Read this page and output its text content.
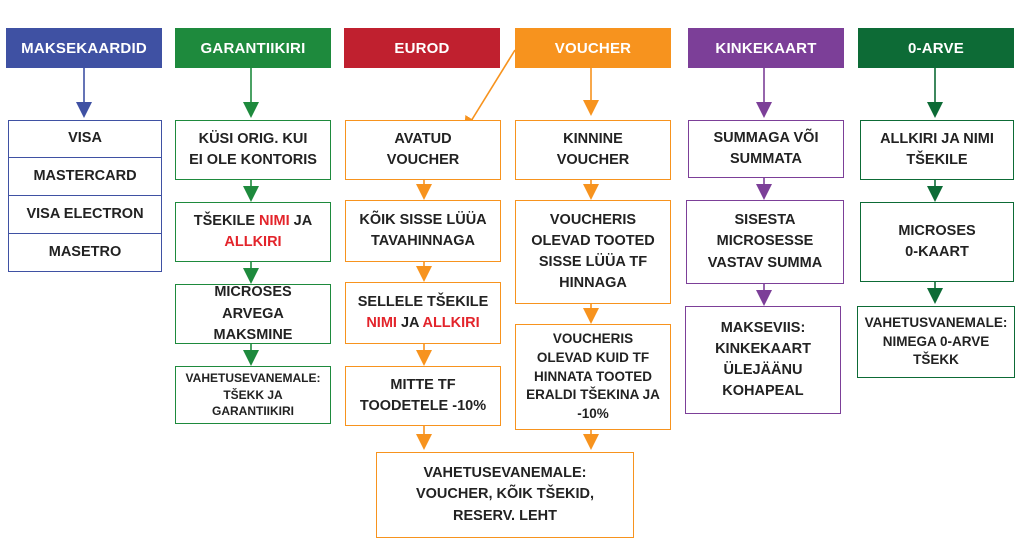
MAKSEKAARDID	GARANTIIKIRI	EUROD	VOUCHER	KINKEKAART	0-ARVE
VISA
MASTERCARD
VISA ELECTRON
MASETRO
KÜSI ORIG. KUI
EI OLE KONTORIS
TŠEKILE NIMI JA
ALLKIRI
MICROSES ARVEGA
MAKSMINE
VAHETUSEVANEMALE:
TŠEKK JA GARANTIIKIRI
AVATUD
VOUCHER
KÕIK SISSE LÜÜA
TAVAHINNAGA
SELLELE TŠEKILE
NIMI JA ALLKIRI
MITTE TF
TOODETELE -10%
KINNINE
VOUCHER
VOUCHERIS
OLEVAD TOOTED
SISSE LÜÜA TF
HINNAGA
VOUCHERIS
OLEVAD KUID TF
HINNATA TOOTED
ERALDI TŠEKINA JA
-10%
VAHETUSEVANEMALE:
VOUCHER, KÕIK TŠEKID,
RESERV. LEHT
SUMMAGA VÕI
SUMMATA
SISESTA
MICROSESSE
VASTAV SUMMA
MAKSEVIIS:
KINKEKAART
ÜLEJÄÄNU
KOHAPEAL
ALLKIRI JA NIMI
TŠEKILE
MICROSES
0-KAART
VAHETUSVANEMALE:
NIMEGA 0-ARVE
TŠEKK
